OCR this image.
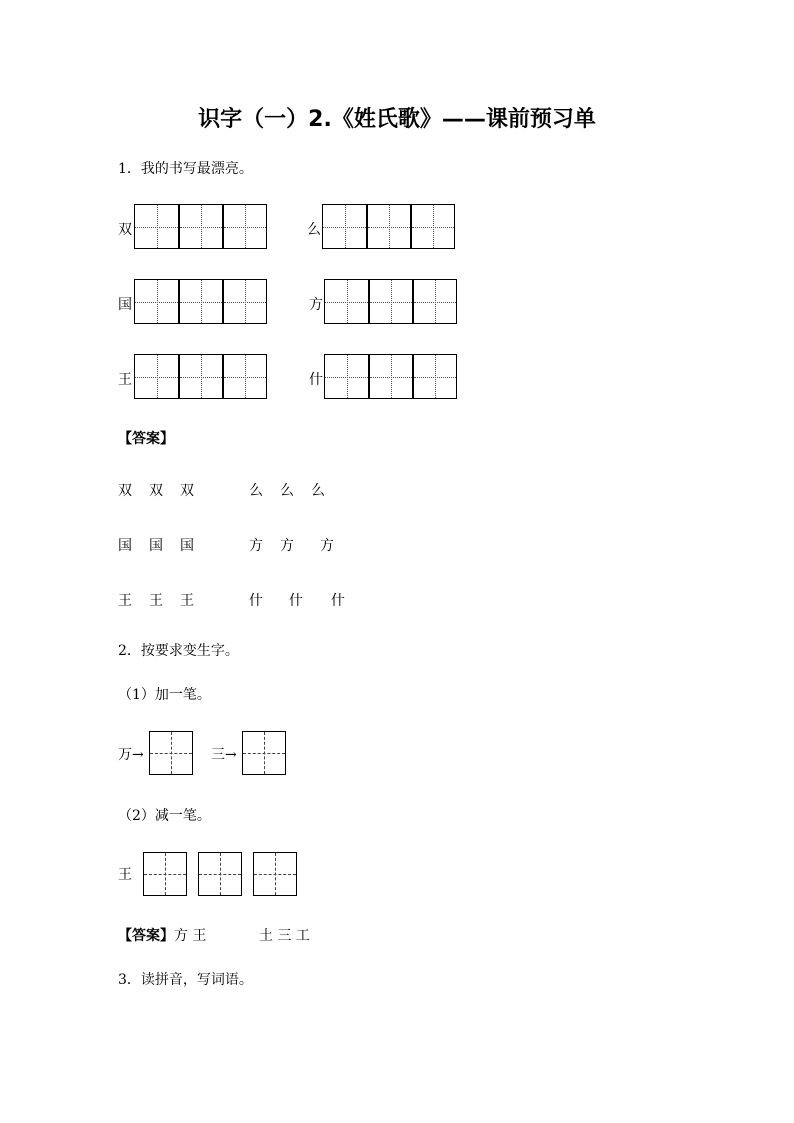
识字（一）2.《姓氏歌》——课前预习单
1．我的书写最漂亮。
双	么
国	方
王	什
【答案】
双 双 双	么 么 么
国 国 国	方 方 方
王 王 王	什 什 什
2．按要求变生字。
（1）加一笔。
万→	三→
（2）减一笔。
王
【答案】方 王	土 三 工
3．读拼音，写词语。
